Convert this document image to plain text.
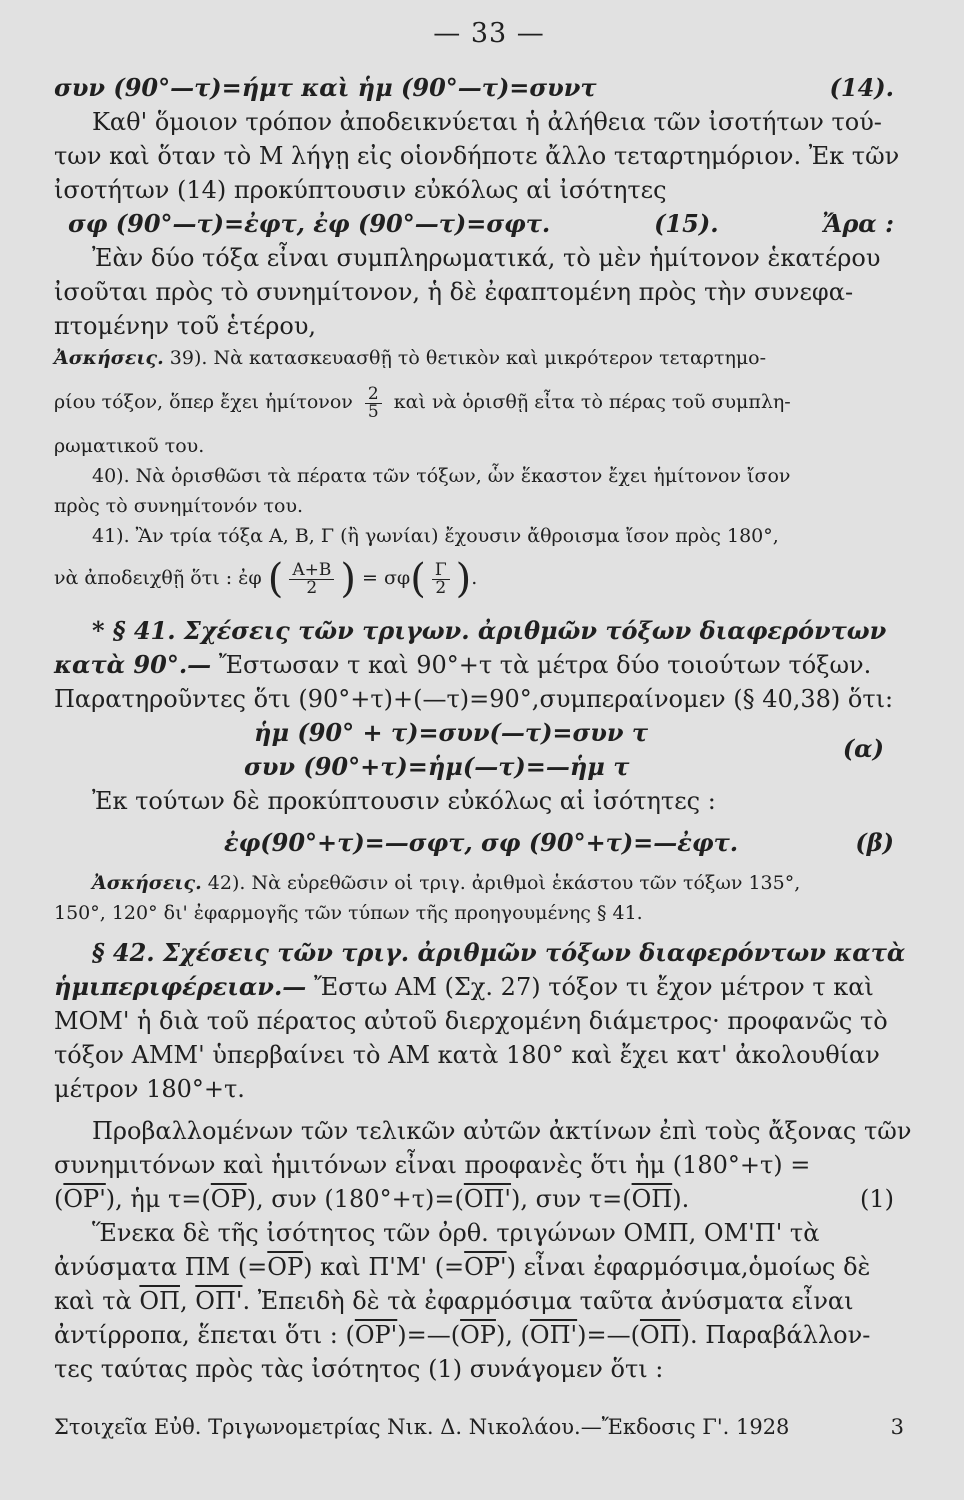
— 33 —
συν (90°—τ)=ήμτ καὶ ἡμ (90°—τ)=συντ	(14).
Καθ' ὅμοιον τρόπον ἀποδεικνύεται ἡ ἀλήθεια τῶν ἰσοτήτων τού-
των καὶ ὅταν τὸ Μ λήγῃ εἰς οἱονδήποτε ἄλλο τεταρτημόριον. Ἐκ τῶν
ἰσοτήτων (14) προκύπτουσιν εὐκόλως αἱ ἰσότητες
σφ (90°—τ)=ἐφτ, ἐφ (90°—τ)=σφτ.	(15).	Ἄρα :
Ἐὰν δύο τόξα εἶναι συμπληρωματικά, τὸ μὲν ἡμίτονον ἑκατέρου
ἰσοῦται πρὸς τὸ συνημίτονον, ἡ δὲ ἐφαπτομένη πρὸς τὴν συνεφα-
πτομένην τοῦ ἑτέρου,
Ἀσκήσεις. 39). Νὰ κατασκευασθῇ τὸ θετικὸν καὶ μικρότερον τεταρτημο-
ρίου τόξον, ὅπερ ἔχει ἡμίτονον $\frac{2}{5}$ καὶ νὰ ὁρισθῇ εἶτα τὸ πέρας τοῦ συμπλη-
ρωματικοῦ του.
40). Νὰ ὁρισθῶσι τὰ πέρατα τῶν τόξων, ὧν ἕκαστον ἔχει ἡμίτονον ἴσον
πρὸς τὸ συνημίτονόν του.
41). Ἂν τρία τόξα Α, Β, Γ (ἢ γωνίαι) ἔχουσιν ἄθροισμα ἴσον πρὸς 180°,
νὰ ἀποδειχθῇ ὅτι : ἐφ ( $\frac{A+B}{2}$ ) = $\sigma\varphi( \frac{\Gamma}{2}$ ).
* § 41. Σχέσεις τῶν τριγων. ἀριθμῶν τόξων διαφερόντων
κατὰ 90°.— Ἔστωσαν τ καὶ 90°+τ τὰ μέτρα δύο τοιούτων τόξων.
Παρατηροῦντες ὅτι (90°+τ)+(—τ)=90°,συμπεραίνομεν (§ 40,38) ὅτι:
ἡμ (90° + τ)=συν(—τ)=συν τ
συν (90°+τ)=ἡμ(—τ)=—ἡμ τ
(α)
Ἐκ τούτων δὲ προκύπτουσιν εὐκόλως αἱ ἰσότητες :
ἐφ(90°+τ)=—σφτ, σφ (90°+τ)=—ἐφτ.	(β)
Ἀσκήσεις. 42). Νὰ εὑρεθῶσιν οἱ τριγ. ἀριθμοὶ ἑκάστου τῶν τόξων 135°,
150°, 120° δι' ἐφαρμογῆς τῶν τύπων τῆς προηγουμένης § 41.
§ 42. Σχέσεις τῶν τριγ. ἀριθμῶν τόξων διαφερόντων κατὰ
ἡμιπεριφέρειαν.— Ἔστω ΑΜ (Σχ. 27) τόξον τι ἔχον μέτρον τ καὶ
ΜΟΜ' ἡ διὰ τοῦ πέρατος αὐτοῦ διερχομένη διάμετρος· προφανῶς τὸ
τόξον ΑΜΜ' ὑπερβαίνει τὸ ΑΜ κατὰ 180° καὶ ἔχει κατ' ἀκολουθίαν
μέτρον 180°+τ.
Προβαλλομένων τῶν τελικῶν αὐτῶν ἀκτίνων ἐπὶ τοὺς ἄξονας τῶν
συνημιτόνων καὶ ἡμιτόνων εἶναι προφανὲς ὅτι ἡμ (180°+τ) =
(ΟΡ'), ἡμ $\tau=(\overline{OP})$, συν (180°+τ)=(ΟΠ'), συν $\tau=(\overline{O\Pi})$.	(1)
Ἕνεκα δὲ τῆς ἰσότητος τῶν ὀρθ. τριγώνων ΟΜΠ, ΟΜ'Π' τὰ
ἀνύσματα ΠΜ $(=\overline{OP})$ καὶ Π'Μ' (=ΟΡ') εἶναι ἐφαρμόσιμα,ὁμοίως δὲ
καὶ τὰ $\overline{O\Pi}$, ΟΠ'. Ἐπειδὴ δὲ τὰ ἐφαρμόσιμα ταῦτα ἀνύσματα εἶναι
ἀντίρροπα, ἕπεται ὅτι : $(OP')=—(\overline{OP})$, $(O\Pi')=—(\overline{O\Pi})$. Παραβάλλον-
τες ταύτας πρὸς τὰς ἰσότητος (1) συνάγομεν ὅτι :
Στοιχεῖα Εὐθ. Τριγωνομετρίας Νικ. Δ. Νικολάου.—Ἔκδοσις Γ'. 1928	3
